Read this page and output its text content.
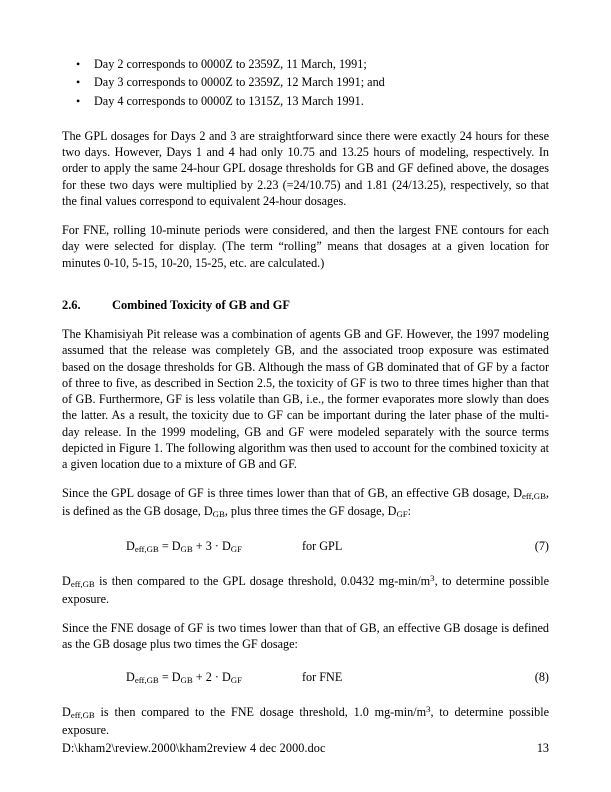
• Day 2 corresponds to 0000Z to 2359Z, 11 March, 1991;
• Day 3 corresponds to 0000Z to 2359Z, 12 March 1991; and
• Day 4 corresponds to 0000Z to 1315Z, 13 March 1991.

The GPL dosages for Days 2 and 3 are straightforward since there were exactly 24 hours for these two days. However, Days 1 and 4 had only 10.75 and 13.25 hours of modeling, respectively. In order to apply the same 24-hour GPL dosage thresholds for GB and GF defined above, the dosages for these two days were multiplied by 2.23 (=24/10.75) and 1.81 (24/13.25), respectively, so that the final values correspond to equivalent 24-hour dosages.

For FNE, rolling 10-minute periods were considered, and then the largest FNE contours for each day were selected for display. (The term “rolling” means that dosages at a given location for minutes 0-10, 5-15, 10-20, 15-25, etc. are calculated.)

2.6.	Combined Toxicity of GB and GF

The Khamisiyah Pit release was a combination of agents GB and GF. However, the 1997 modeling assumed that the release was completely GB, and the associated troop exposure was estimated based on the dosage thresholds for GB. Although the mass of GB dominated that of GF by a factor of three to five, as described in Section 2.5, the toxicity of GF is two to three times higher than that of GB. Furthermore, GF is less volatile than GB, i.e., the former evaporates more slowly than does the latter. As a result, the toxicity due to GF can be important during the later phase of the multi-day release. In the 1999 modeling, GB and GF were modeled separately with the source terms depicted in Figure 1. The following algorithm was then used to account for the combined toxicity at a given location due to a mixture of GB and GF.

Since the GPL dosage of GF is three times lower than that of GB, an effective GB dosage, $D_{eff,GB}$, is defined as the GB dosage, $D_{GB}$, plus three times the GF dosage, $D_{GF}$:

$D_{eff,GB} = D_{GB} + 3 \cdot D_{GF}$	for GPL	(7)

$D_{eff,GB}$ is then compared to the GPL dosage threshold, 0.0432 $mg-\min/m^3$, to determine possible exposure.

Since the FNE dosage of GF is two times lower than that of GB, an effective GB dosage is defined as the GB dosage plus two times the GF dosage:

$D_{eff,GB} = D_{GB} + 2 \cdot D_{GF}$	for FNE	(8)

$D_{eff,GB}$ is then compared to the FNE dosage threshold, 1.0 $mg-\min/m^3$, to determine possible exposure.

D:\kham2\review.2000\kham2review 4 dec 2000.doc	13
